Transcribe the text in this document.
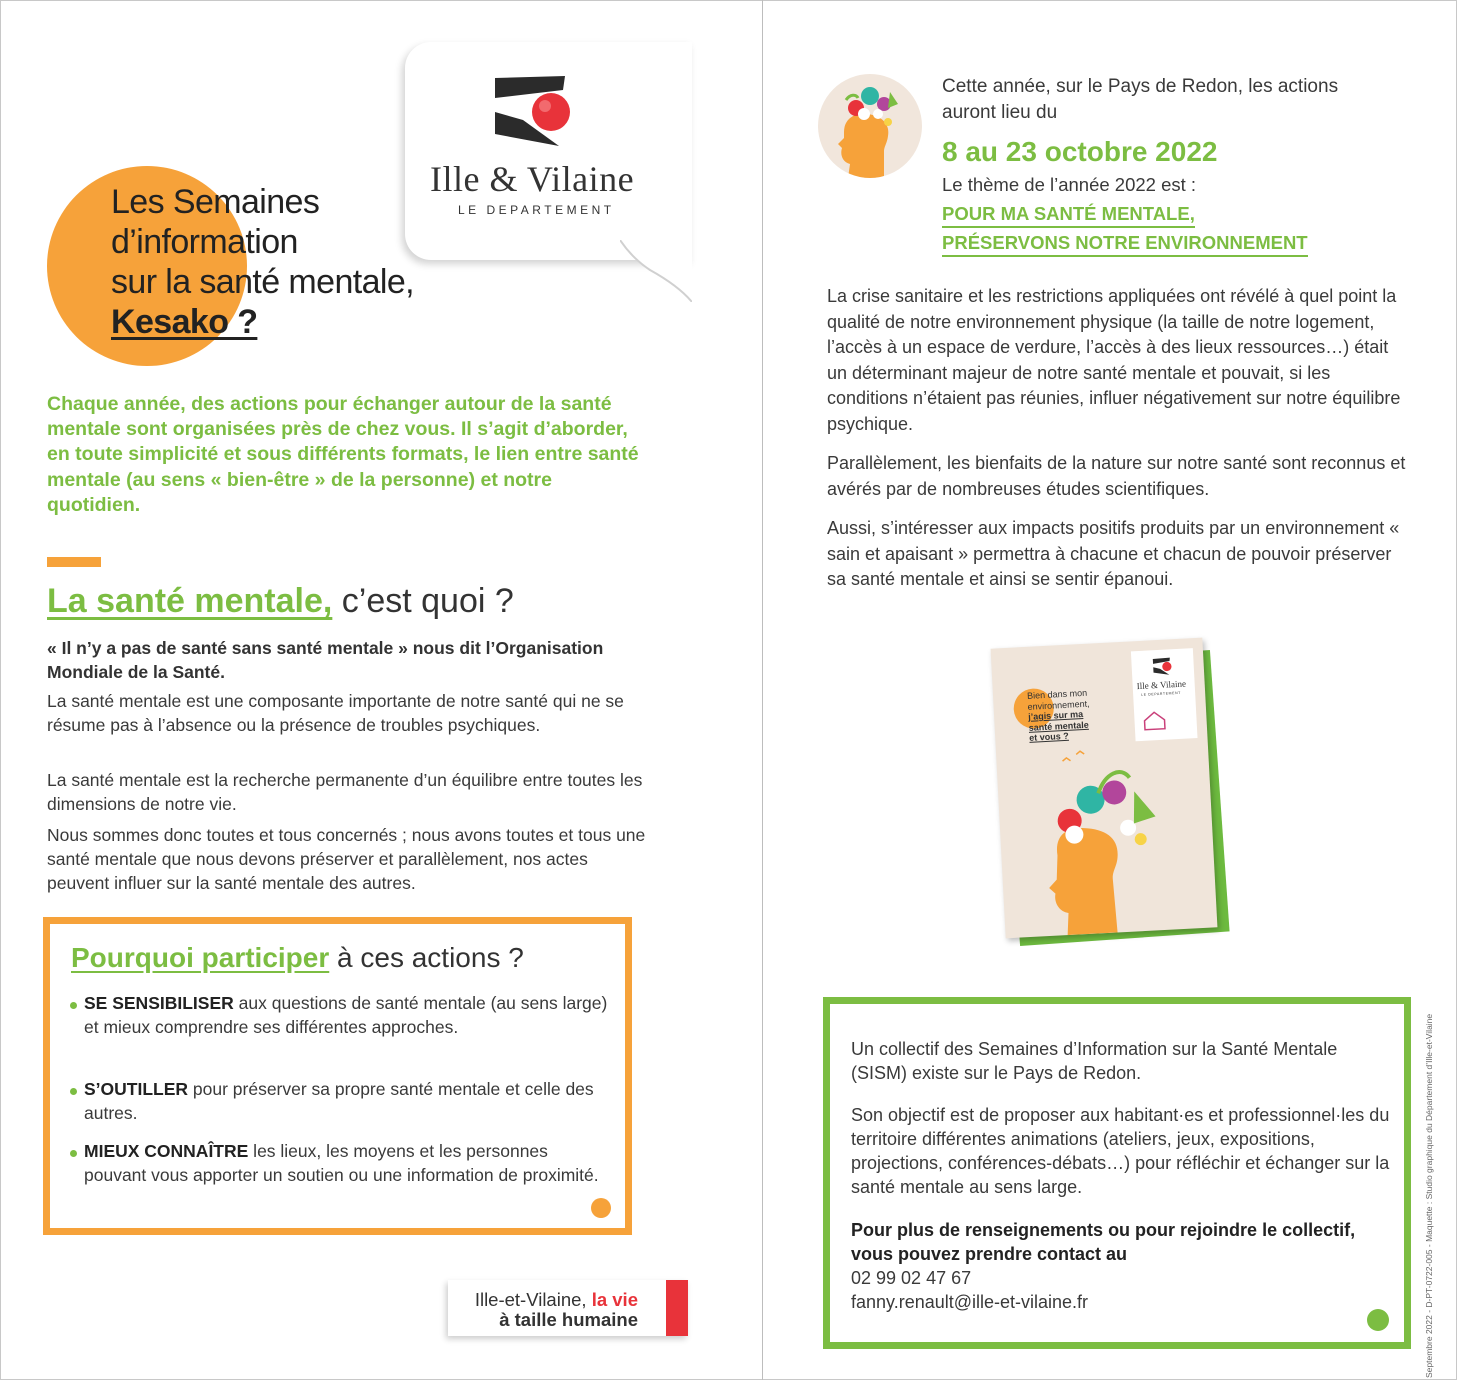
Ille & Vilaine
LE DEPARTEMENT
Les Semaines
d’information
sur la santé mentale,
Kesako ?
Chaque année, des actions pour échanger autour de la santé mentale sont organisées près de chez vous. Il s’agit d’aborder, en toute simplicité et sous différents formats, le lien entre santé mentale (au sens « bien-être » de la personne) et notre quotidien.
La santé mentale, c’est quoi ?
« Il n’y a pas de santé sans santé mentale » nous dit l’Organisation Mondiale de la Santé.
La santé mentale est une composante importante de notre santé qui ne se résume pas à l’absence ou la présence de troubles psychiques.
La santé mentale est la recherche permanente d’un équilibre entre toutes les dimensions de notre vie.
Nous sommes donc toutes et tous concernés ; nous avons toutes et tous une santé mentale que nous devons préserver et parallèlement, nos actes peuvent influer sur la santé mentale des autres.
Pourquoi participer à ces actions ?
SE SENSIBILISER aux questions de santé mentale (au sens large) et mieux comprendre ses différentes approches.
S’OUTILLER pour préserver sa propre santé mentale et celle des autres.
MIEUX CONNAÎTRE les lieux, les moyens et les personnes pouvant vous apporter un soutien ou une information de proximité.
Ille-et-Vilaine, la vie
à taille humaine
Cette année, sur le Pays de Redon, les actions
auront lieu du
8 au 23 octobre 2022
Le thème de l’année 2022 est :
POUR MA SANTÉ MENTALE,
PRÉSERVONS NOTRE ENVIRONNEMENT
La crise sanitaire et les restrictions appliquées ont révélé à quel point la qualité de notre environnement physique (la taille de notre logement, l’accès à un espace de verdure, l’accès à des lieux ressources…) était un déterminant majeur de notre santé mentale et pouvait, si les conditions n’étaient pas réunies, influer négativement sur notre équilibre psychique.
Parallèlement, les bienfaits de la nature sur notre santé sont reconnus et avérés par de nombreuses études scientifiques.
Aussi, s’intéresser aux impacts positifs produits par un environnement « sain et apaisant » permettra à chacune et chacun de pouvoir préserver sa santé mentale et ainsi se sentir épanoui.
Ille & Vilaine
LE DEPARTEMENT
Bien dans mon
environnement,
j’agis sur ma
santé mentale
et vous ?
Un collectif des Semaines d’Information sur la Santé Mentale (SISM) existe sur le Pays de Redon.
Son objectif est de proposer aux habitant·es et professionnel·les du territoire différentes animations (ateliers, jeux, expositions, projections, conférences-débats…) pour réfléchir et échanger sur la santé mentale au sens large.
Pour plus de renseignements ou pour rejoindre le collectif, vous pouvez prendre contact au
02 99 02 47 67
fanny.renault@ille-et-vilaine.fr	Septembre 2022 - D-PT-0722-005 - Maquette : Studio graphique du Département d’Ille-et-Vilaine
